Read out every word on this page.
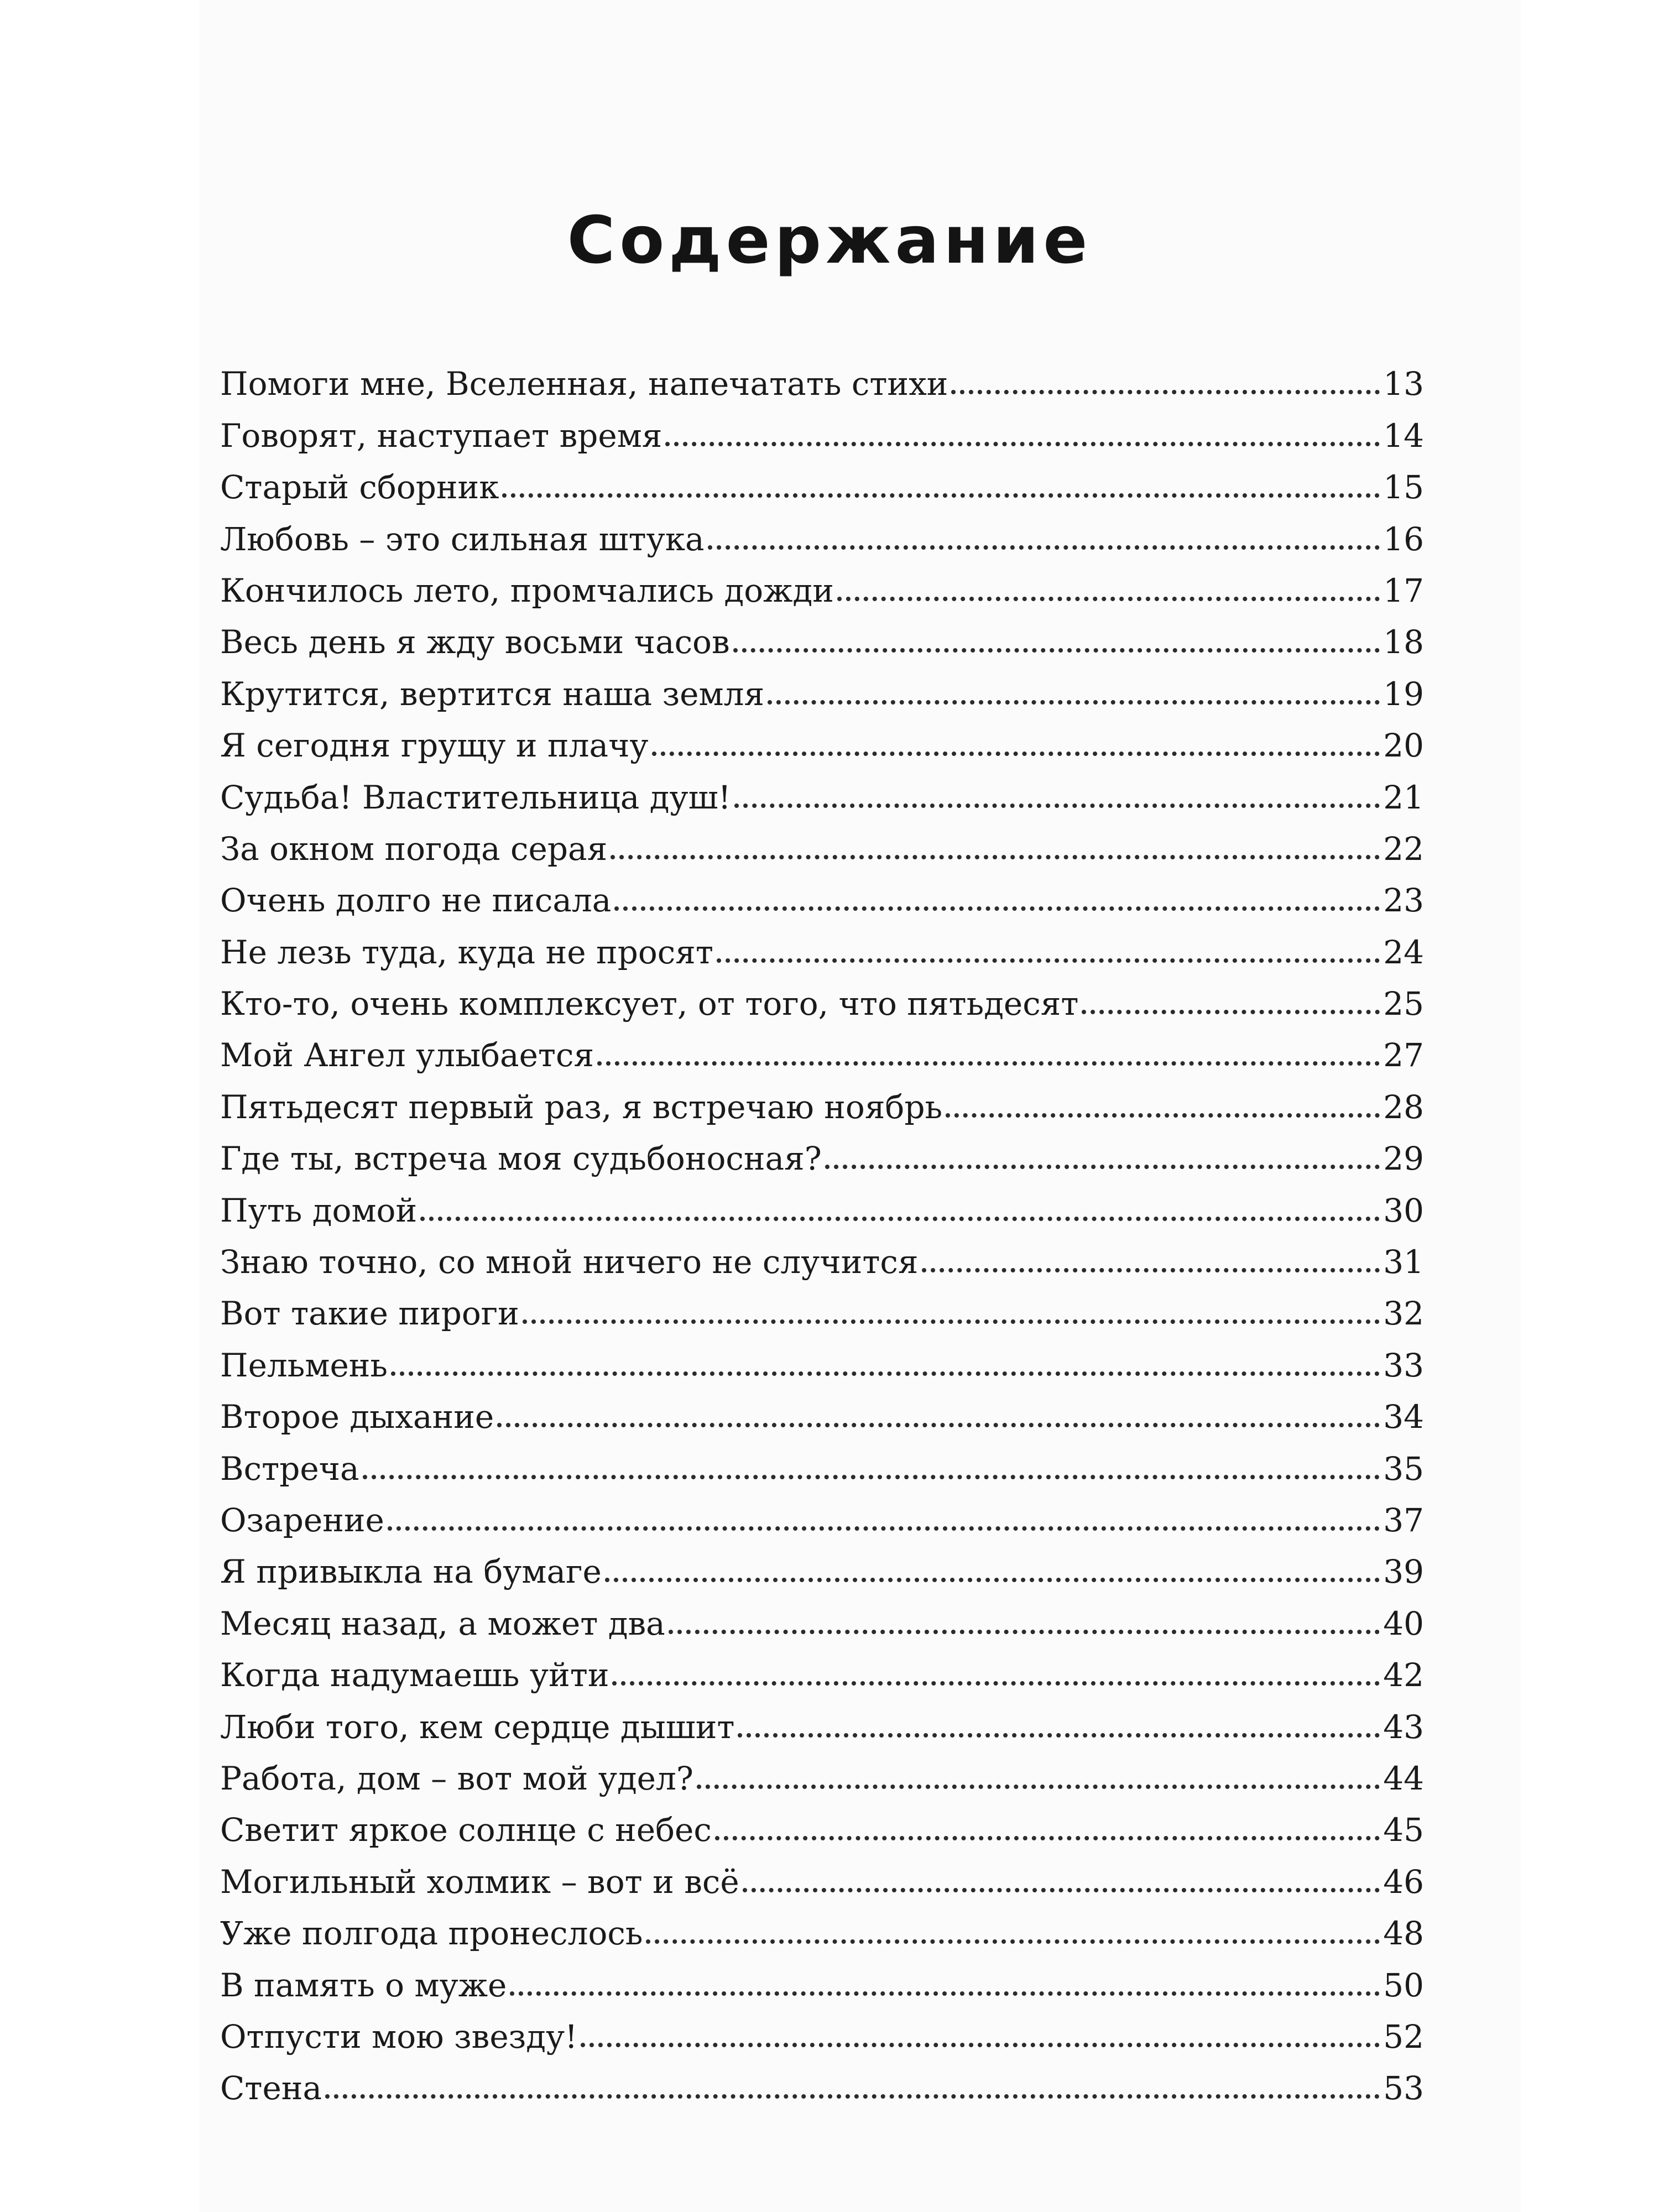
Содержание
Помоги мне, Вселенная, напечатать стихи	13
Говорят, наступает время	14
Старый сборник	15
Любовь – это сильная штука	16
Кончилось лето, промчались дожди	17
Весь день я жду восьми часов	18
Крутится, вертится наша земля	19
Я сегодня грущу и плачу	20
Судьба! Властительница душ!	21
За окном погода серая	22
Очень долго не писала	23
Не лезь туда, куда не просят	24
Кто-то, очень комплексует, от того, что пятьдесят	25
Мой Ангел улыбается	27
Пятьдесят первый раз, я встречаю ноябрь	28
Где ты, встреча моя судьбоносная?	29
Путь домой	30
Знаю точно, со мной ничего не случится	31
Вот такие пироги	32
Пельмень	33
Второе дыхание	34
Встреча	35
Озарение	37
Я привыкла на бумаге	39
Месяц назад, а может два	40
Когда надумаешь уйти	42
Люби того, кем сердце дышит	43
Работа, дом – вот мой удел?	44
Светит яркое солнце с небес	45
Могильный холмик – вот и всё	46
Уже полгода пронеслось	48
В память о муже	50
Отпусти мою звезду!	52
Стена	53
